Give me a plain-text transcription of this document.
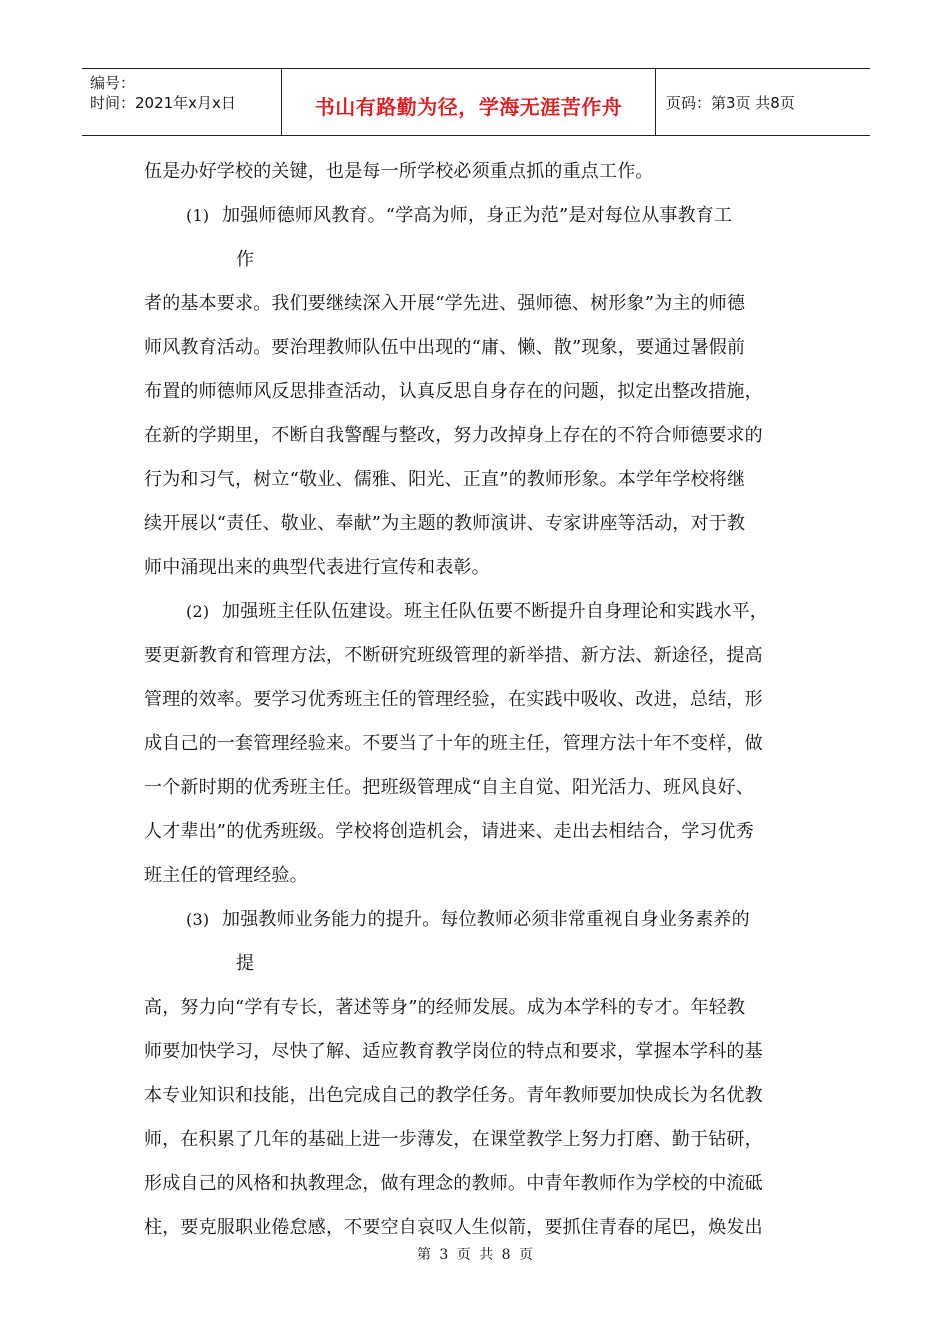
编号：
时间：2021年x月x日	书山有路勤为径，学海无涯苦作舟	页码：第3页 共8页
伍是办好学校的关键，也是每一所学校必须重点抓的重点工作。
(1) 加强师德师风教育。“学高为师，身正为范”是对每位从事教育工
作
者的基本要求。我们要继续深入开展“学先进、强师德、树形象”为主的师德
师风教育活动。要治理教师队伍中出现的“庸、懒、散”现象，要通过暑假前
布置的师德师风反思排查活动，认真反思自身存在的问题，拟定出整改措施，
在新的学期里，不断自我警醒与整改，努力改掉身上存在的不符合师德要求的
行为和习气，树立“敬业、儒雅、阳光、正直”的教师形象。本学年学校将继
续开展以“责任、敬业、奉献”为主题的教师演讲、专家讲座等活动，对于教
师中涌现出来的典型代表进行宣传和表彰。
(2) 加强班主任队伍建设。班主任队伍要不断提升自身理论和实践水平，
要更新教育和管理方法，不断研究班级管理的新举措、新方法、新途径，提高
管理的效率。要学习优秀班主任的管理经验，在实践中吸收、改进，总结，形
成自己的一套管理经验来。不要当了十年的班主任，管理方法十年不变样，做
一个新时期的优秀班主任。把班级管理成“自主自觉、阳光活力、班风良好、
人才辈出”的优秀班级。学校将创造机会，请进来、走出去相结合，学习优秀
班主任的管理经验。
(3) 加强教师业务能力的提升。每位教师必须非常重视自身业务素养的
提
高，努力向“学有专长，著述等身”的经师发展。成为本学科的专才。年轻教
师要加快学习，尽快了解、适应教育教学岗位的特点和要求，掌握本学科的基
本专业知识和技能，出色完成自己的教学任务。青年教师要加快成长为名优教
师，在积累了几年的基础上进一步薄发，在课堂教学上努力打磨、勤于钻研，
形成自己的风格和执教理念，做有理念的教师。中青年教师作为学校的中流砥
柱，要克服职业倦怠感，不要空自哀叹人生似箭，要抓住青春的尾巴，焕发出
第 3 页 共 8 页
